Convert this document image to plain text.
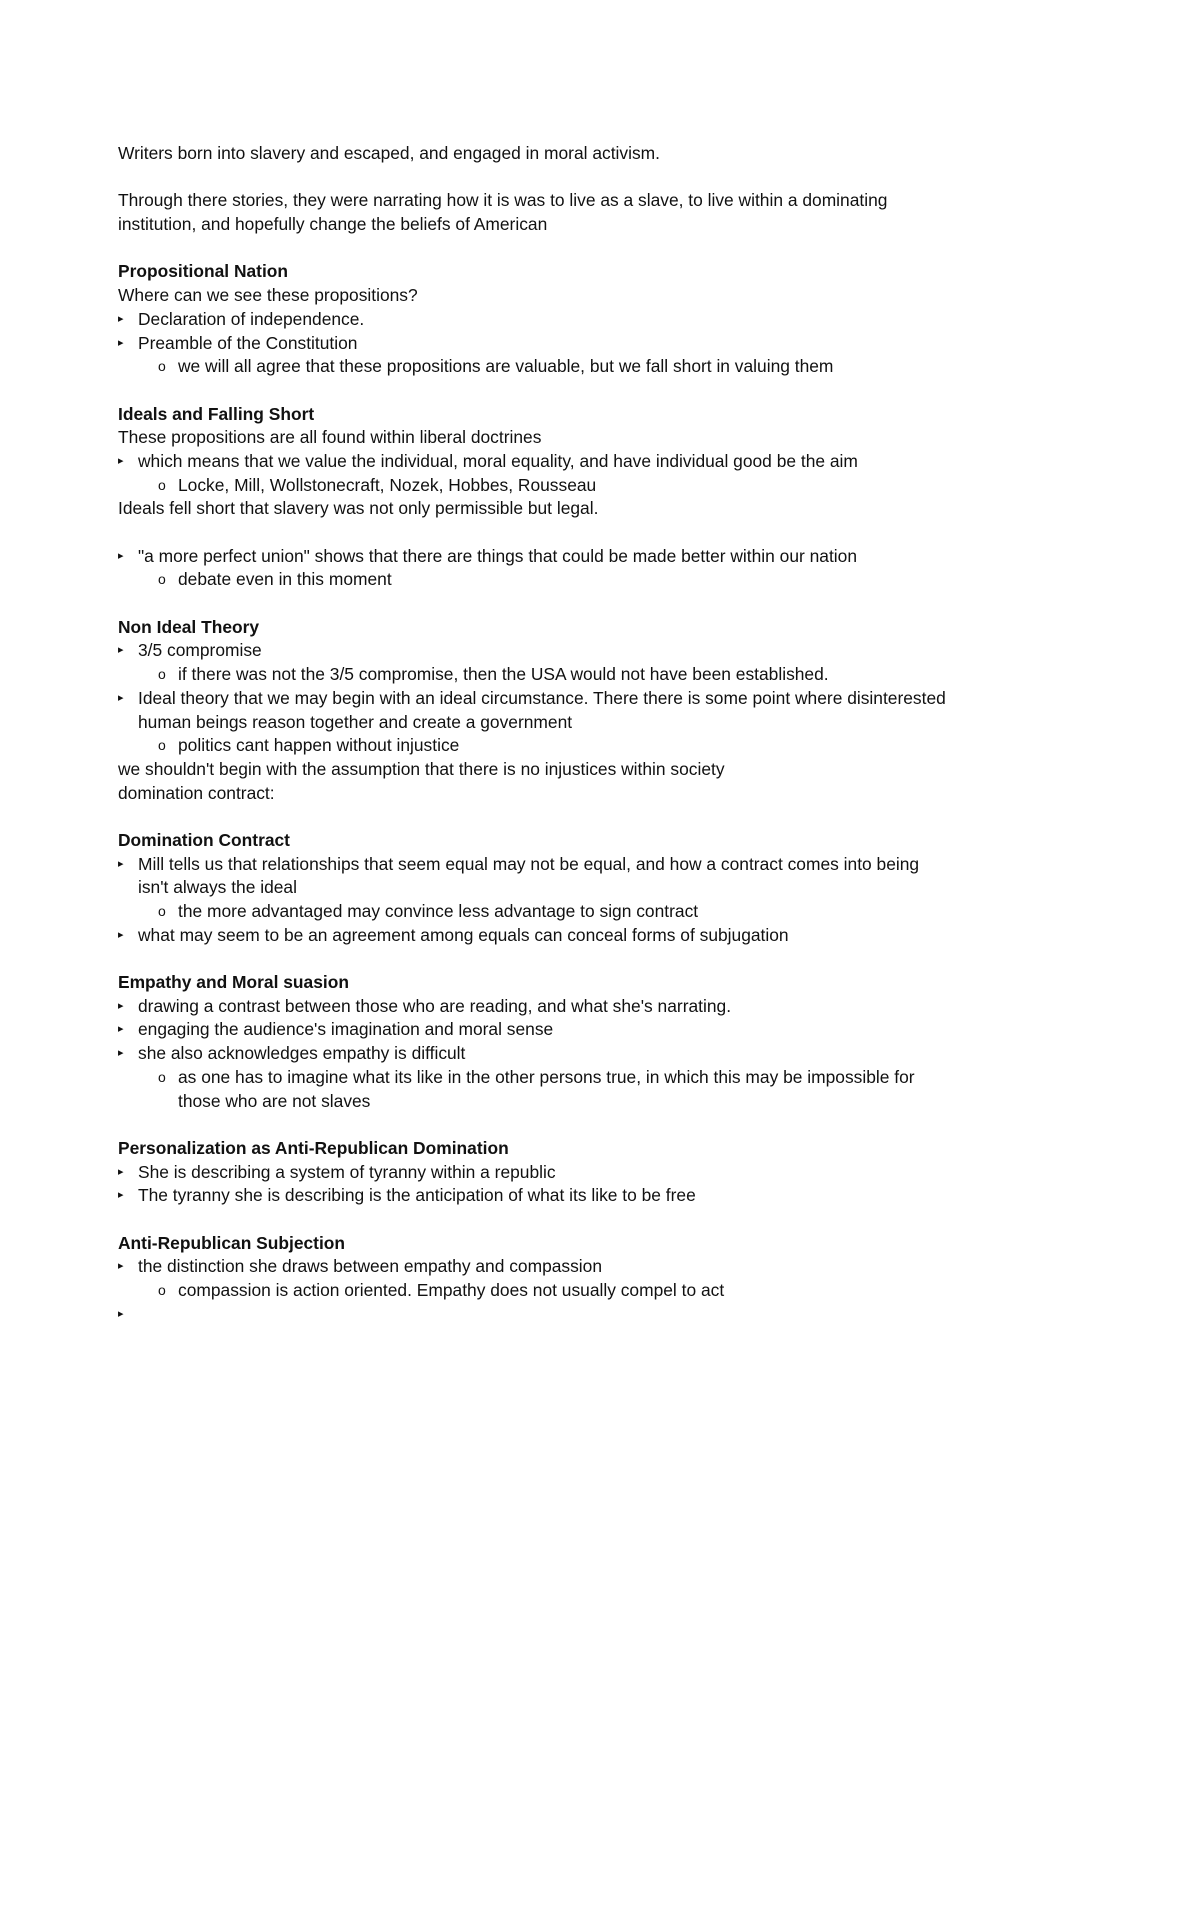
Writers born into slavery and escaped, and engaged in moral activism.
Through there stories, they were narrating how it is was to live as a slave, to live within a dominating
institution, and hopefully change the beliefs of American
Propositional Nation
Where can we see these propositions?
▸ Declaration of independence.
▸ Preamble of the Constitution
o we will all agree that these propositions are valuable, but we fall short in valuing them
Ideals and Falling Short
These propositions are all found within liberal doctrines
▸ which means that we value the individual, moral equality, and have individual good be the aim
o Locke, Mill, Wollstonecraft, Nozek, Hobbes, Rousseau
Ideals fell short that slavery was not only permissible but legal.
▸ "a more perfect union" shows that there are things that could be made better within our nation
o debate even in this moment
Non Ideal Theory
▸ 3/5 compromise
o if there was not the 3/5 compromise, then the USA would not have been established.
▸ Ideal theory that we may begin with an ideal circumstance. There there is some point where disinterested
human beings reason together and create a government
o politics cant happen without injustice
we shouldn't begin with the assumption that there is no injustices within society
domination contract:
Domination Contract
▸ Mill tells us that relationships that seem equal may not be equal, and how a contract comes into being
isn't always the ideal
o the more advantaged may convince less advantage to sign contract
▸ what may seem to be an agreement among equals can conceal forms of subjugation
Empathy and Moral suasion
▸ drawing a contrast between those who are reading, and what she's narrating.
▸ engaging the audience's imagination and moral sense
▸ she also acknowledges empathy is difficult
o as one has to imagine what its like in the other persons true, in which this may be impossible for
those who are not slaves
Personalization as Anti-Republican Domination
▸ She is describing a system of tyranny within a republic
▸ The tyranny she is describing is the anticipation of what its like to be free
Anti-Republican Subjection
▸ the distinction she draws between empathy and compassion
o compassion is action oriented. Empathy does not usually compel to act
▸
